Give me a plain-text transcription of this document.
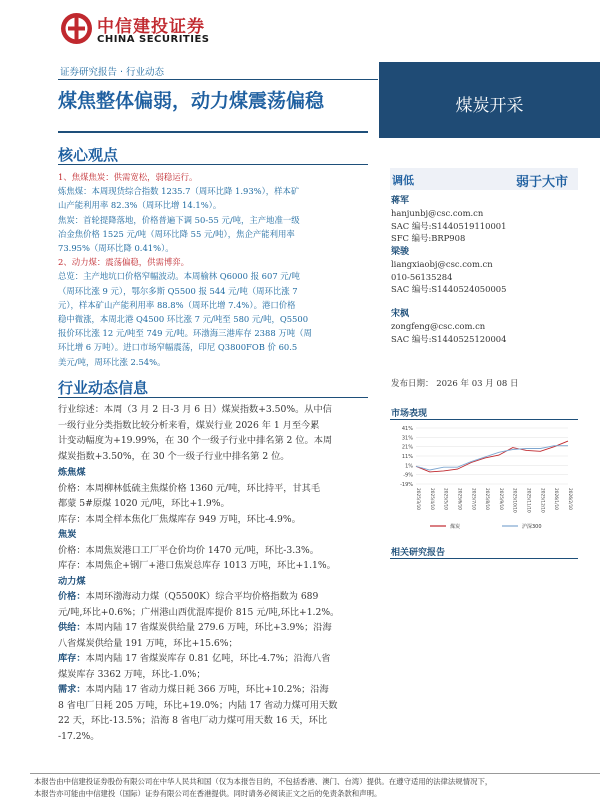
中信建投证券
CHINA SECURITIES
证券研究报告 · 行业动态
煤焦整体偏弱，动力煤震荡偏稳	煤炭开采
核心观点

1、焦煤焦炭：供需宽松，弱稳运行。

炼焦煤：本周现货综合指数 1235.7（周环比降 1.93%），样本矿
山产能利用率 82.3%（周环比增 14.1%）。
焦炭：首轮提降落地，价格普遍下调 50-55 元/吨，主产地准一级
冶金焦价格 1525 元/吨（周环比降 55 元/吨），焦企产能利用率
73.95%（周环比降 0.41%）。

2、动力煤：震荡偏稳，供需博弈。

总览：主产地坑口价格窄幅波动。本周榆林 Q6000 报 607 元/吨
（周环比涨 9 元），鄂尔多斯 Q5500 报 544 元/吨（周环比涨 7
元），样本矿山产能利用率 88.8%（周环比增 7.4%）。港口价格
稳中微涨，本周北港 Q4500 环比涨 7 元/吨至 580 元/吨，Q5500
报价环比涨 12 元/吨至 749 元/吨。环渤海三港库存 2388 万吨（周
环比增 6 万吨）。进口市场窄幅震荡，印尼 Q3800FOB 价 60.5
美元/吨，周环比涨 2.54%。
行业动态信息
行业综述：本周（3 月 2 日-3 月 6 日）煤炭指数+3.50%。从中信
一级行业分类指数比较分析来看，煤炭行业 2026 年 1 月至今累
计变动幅度为+19.99%，在 30 个一级子行业中排名第 2 位。本周
煤炭指数+3.50%，在 30 个一级子行业中排名第 2 位。
炼焦煤
价格：本周柳林低硫主焦煤价格 1360 元/吨，环比持平，甘其毛
都蒙 5#原煤 1020 元/吨，环比+1.9%。
库存：本周全样本焦化厂焦煤库存 949 万吨，环比-4.9%。
焦炭
价格：本周焦炭港口工厂平仓价均价 1470 元/吨，环比-3.3%。
库存：本周焦企+钢厂+港口焦炭总库存 1013 万吨，环比+1.1%。
动力煤
价格：本周环渤海动力煤（Q5500K）综合平均价格指数为 689
元/吨,环比+0.6%；广州港山西优混库提价 815 元/吨,环比+1.2%。
供给：本周内陆 17 省煤炭供给量 279.6 万吨，环比+3.9%；沿海
八省煤炭供给量 191 万吨，环比+15.6%；
库存：本周内陆 17 省煤炭库存 0.81 亿吨，环比-4.7%；沿海八省
煤炭库存 3362 万吨，环比-1.0%；
需求：本周内陆 17 省动力煤日耗 366 万吨，环比+10.2%；沿海
8 省电厂日耗 205 万吨，环比+19.0%；内陆 17 省动力煤可用天数
22 天，环比-13.5%；沿海 8 省电厂动力煤可用天数 16 天，环比
-17.2%。
调低	弱于大市
蒋军
hanjunbj@csc.com.cn
SAC 编号:S1440519110001
SFC 编号:BRP908
梁骏
liangxiaobj@csc.com.cn
010-56135284
SAC 编号:S1440524050005
宋枫
zongfeng@csc.com.cn
SAC 编号:S1440525120004
发布日期： 2026 年 03 月 08 日
市场表现
41%
31%
21%
11%
1%
-9%
-19%
2025/3/10 2025/4/10 2025/5/10 2025/6/10 2025/7/10 2025/8/10 2025/9/10 2025/10/10 2025/11/10 2025/12/10 2026/1/10 2026/2/10
煤炭	沪深300
相关研究报告
本报告由中信建投证券股份有限公司在中华人民共和国（仅为本报告目的，不包括香港、澳门、台湾）提供。在遵守适用的法律法规情况下，
本报告亦可能由中信建投（国际）证券有限公司在香港提供。同时请务必阅读正文之后的免责条款和声明。
